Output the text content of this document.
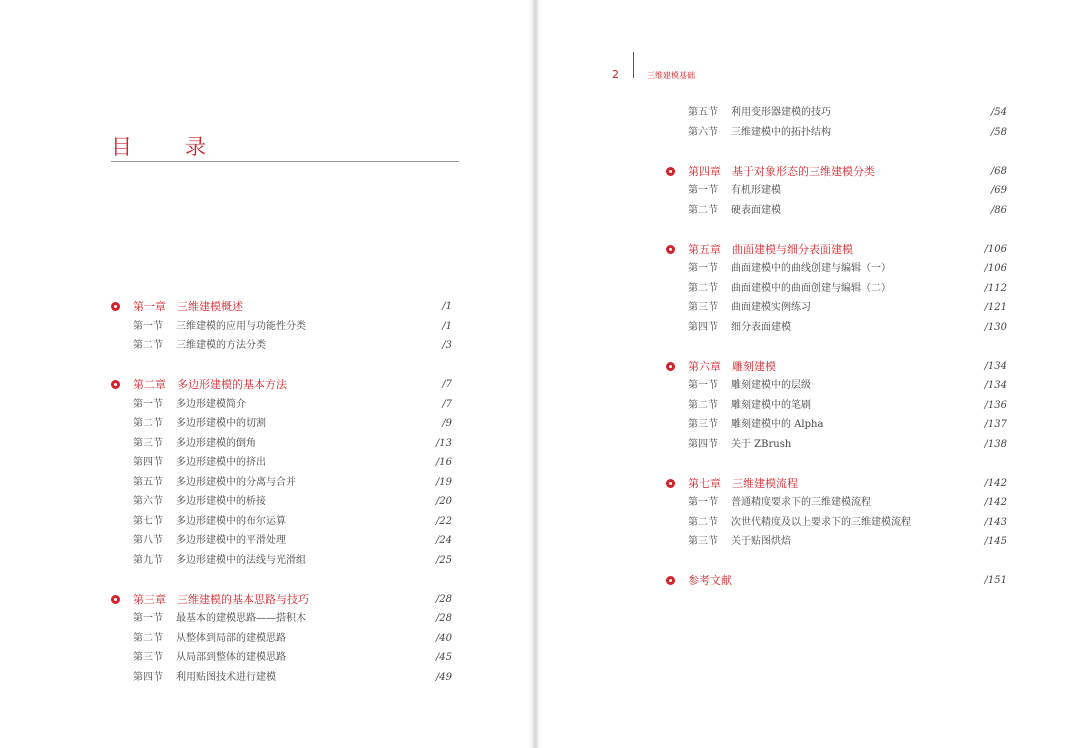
目　录
2	三维建模基础
第一章 三维建模概述	/1
第一节 三维建模的应用与功能性分类	/1
第二节 三维建模的方法分类	/3
第二章 多边形建模的基本方法	/7
第一节 多边形建模简介	/7
第二节 多边形建模中的切割	/9
第三节 多边形建模的倒角	/13
第四节 多边形建模中的挤出	/16
第五节 多边形建模中的分离与合并	/19
第六节 多边形建模中的桥接	/20
第七节 多边形建模中的布尔运算	/22
第八节 多边形建模中的平滑处理	/24
第九节 多边形建模中的法线与光滑组	/25
第三章 三维建模的基本思路与技巧	/28
第一节 最基本的建模思路——搭积木	/28
第二节 从整体到局部的建模思路	/40
第三节 从局部到整体的建模思路	/45
第四节 利用贴图技术进行建模	/49
第五节 利用变形器建模的技巧	/54
第六节 三维建模中的拓扑结构	/58
第四章 基于对象形态的三维建模分类	/68
第一节 有机形建模	/69
第二节 硬表面建模	/86
第五章 曲面建模与细分表面建模	/106
第一节 曲面建模中的曲线创建与编辑（一）	/106
第二节 曲面建模中的曲面创建与编辑（二）	/112
第三节 曲面建模实例练习	/121
第四节 细分表面建模	/130
第六章 雕刻建模	/134
第一节 雕刻建模中的层级	/134
第二节 雕刻建模中的笔刷	/136
第三节 雕刻建模中的 Alpha	/137
第四节 关于 ZBrush	/138
第七章 三维建模流程	/142
第一节 普通精度要求下的三维建模流程	/142
第二节 次世代精度及以上要求下的三维建模流程	/143
第三节 关于贴图烘焙	/145
参考文献	/151
